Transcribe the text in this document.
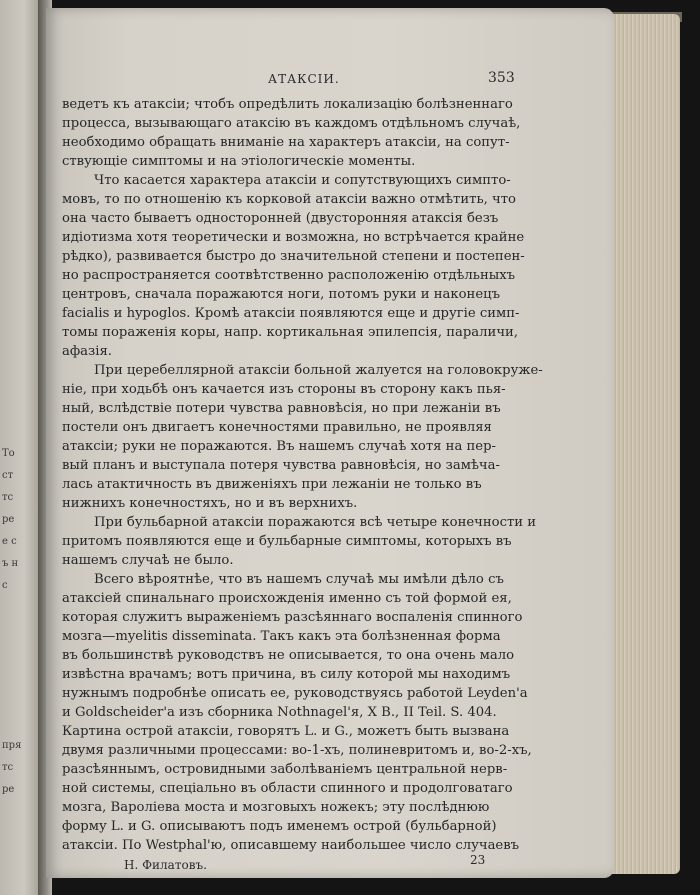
То
ст
тс
ре
е с
ъ н
с
пря
тс
ре
АТАКСІИ.	353
ведетъ къ атаксіи; чтобъ опредѣлить локализацію болѣзненнаго
процесса, вызывающаго атаксію въ каждомъ отдѣльномъ случаѣ,
необходимо обращать вниманіе на характеръ атаксіи, на сопут-
ствующіе симптомы и на этіологическіе моменты.
Что касается характера атаксіи и сопутствующихъ симпто-
мовъ, то по отношенію къ корковой атаксіи важно отмѣтить, что
она часто бываетъ односторонней (двусторонняя атаксія безъ
идіотизма хотя теоретически и возможна, но встрѣчается крайне
рѣдко), развивается быстро до значительной степени и постепен-
но распространяется соотвѣтственно расположенію отдѣльныхъ
центровъ, сначала поражаются ноги, потомъ руки и наконецъ
facialis и hypoglos. Кромѣ атаксіи появляются еще и другіе симп-
томы пораженія коры, напр. кортикальная эпилепсія, параличи,
афазія.
При церебеллярной атаксіи больной жалуется на головокруже-
ніе, при ходьбѣ онъ качается изъ стороны въ сторону какъ пья-
ный, вслѣдствіе потери чувства равновѣсія, но при лежаніи въ
постели онъ двигаетъ конечностями правильно, не проявляя
атаксіи; руки не поражаются. Въ нашемъ случаѣ хотя на пер-
вый планъ и выступала потеря чувства равновѣсія, но замѣча-
лась атактичность въ движеніяхъ при лежаніи не только въ
нижнихъ конечностяхъ, но и въ верхнихъ.
При бульбарной атаксіи поражаются всѣ четыре конечности и
притомъ появляются еще и бульбарные симптомы, которыхъ въ
нашемъ случаѣ не было.
Всего вѣроятнѣе, что въ нашемъ случаѣ мы имѣли дѣло съ
атаксіей спинальнаго происхожденія именно съ той формой ея,
которая служитъ выраженіемъ разсѣяннаго воспаленія спинного
мозга—myelitis disseminata. Такъ какъ эта болѣзненная форма
въ большинствѣ руководствъ не описывается, то она очень мало
извѣстна врачамъ; вотъ причина, въ силу которой мы находимъ
нужнымъ подробнѣе описать ее, руководствуясь работой Leyden'а
и Goldscheider'а изъ сборника Nothnagel'я, X B., II Teil. S. 404.
Картина острой атаксіи, говорятъ L. и G., можетъ быть вызвана
двумя различными процессами: во-1-хъ, полиневритомъ и, во-2-хъ,
разсѣяннымъ, островидными заболѣваніемъ центральной нерв-
ной системы, спеціально въ области спинного и продолговатаго
мозга, Варолiева моста и мозговыхъ ножекъ; эту послѣднюю
форму L. и G. описываютъ подъ именемъ острой (бульбарной)
атаксіи. По Westphal'ю, описавшему наибольшее число случаевъ
Н. Филатовъ.	23
